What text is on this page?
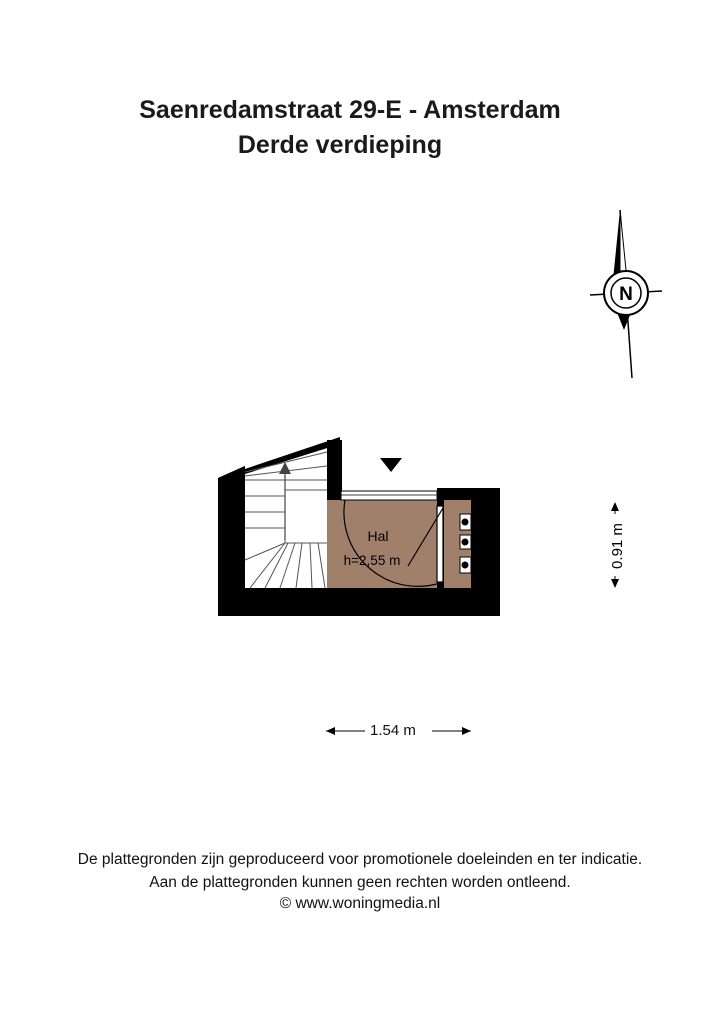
Saenredamstraat 29-E - Amsterdam
Derde verdieping
N
Hal
h=2,55 m	0.91 m
1.54 m
De plattegronden zijn geproduceerd voor promotionele doeleinden en ter indicatie.
Aan de plattegronden kunnen geen rechten worden ontleend.
© www.woningmedia.nl
